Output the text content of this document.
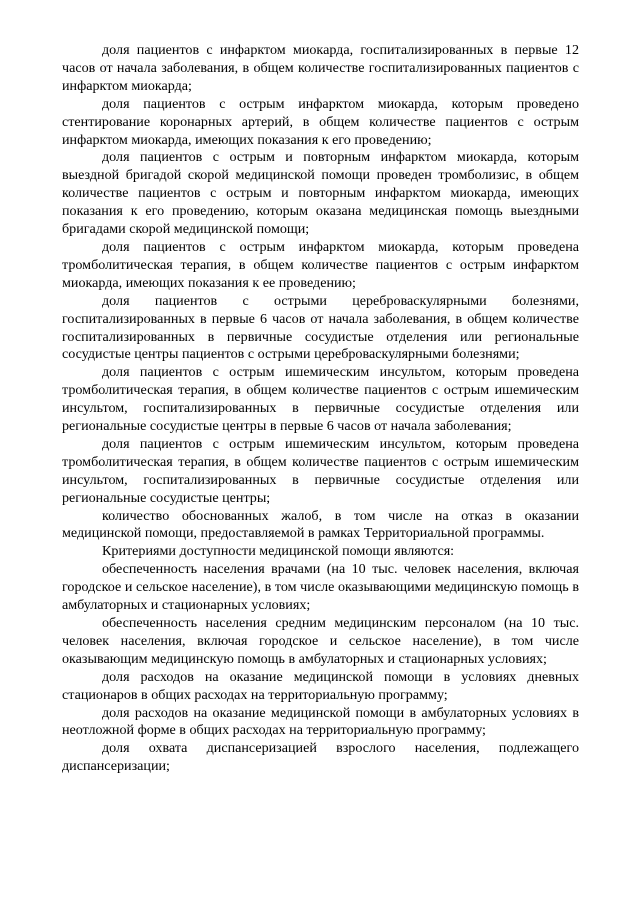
доля пациентов с инфарктом миокарда, госпитализированных в первые 12 часов от начала заболевания, в общем количестве госпитализированных пациентов с инфарктом миокарда;

доля пациентов с острым инфарктом миокарда, которым проведено стентирование коронарных артерий, в общем количестве пациентов с острым инфарктом миокарда, имеющих показания к его проведению;

доля пациентов с острым и повторным инфарктом миокарда, которым выездной бригадой скорой медицинской помощи проведен тромболизис, в общем количестве пациентов с острым и повторным инфарктом миокарда, имеющих показания к его проведению, которым оказана медицинская помощь выездными бригадами скорой медицинской помощи;

доля пациентов с острым инфарктом миокарда, которым проведена тромболитическая терапия, в общем количестве пациентов с острым инфарктом миокарда, имеющих показания к ее проведению;

доля пациентов с острыми цереброваскулярными болезнями, госпитализированных в первые 6 часов от начала заболевания, в общем количестве госпитализированных в первичные сосудистые отделения или региональные сосудистые центры пациентов с острыми цереброваскулярными болезнями;

доля пациентов с острым ишемическим инсультом, которым проведена тромболитическая терапия, в общем количестве пациентов с острым ишемическим инсультом, госпитализированных в первичные сосудистые отделения или региональные сосудистые центры в первые 6 часов от начала заболевания;

доля пациентов с острым ишемическим инсультом, которым проведена тромболитическая терапия, в общем количестве пациентов с острым ишемическим инсультом, госпитализированных в первичные сосудистые отделения или региональные сосудистые центры;

количество обоснованных жалоб, в том числе на отказ в оказании медицинской помощи, предоставляемой в рамках Территориальной программы.

Критериями доступности медицинской помощи являются:

обеспеченность населения врачами (на 10 тыс. человек населения, включая городское и сельское население), в том числе оказывающими медицинскую помощь в амбулаторных и стационарных условиях;

обеспеченность населения средним медицинским персоналом (на 10 тыс. человек населения, включая городское и сельское население), в том числе оказывающим медицинскую помощь в амбулаторных и стационарных условиях;

доля расходов на оказание медицинской помощи в условиях дневных стационаров в общих расходах на территориальную программу;

доля расходов на оказание медицинской помощи в амбулаторных условиях в неотложной форме в общих расходах на территориальную программу;

доля охвата диспансеризацией взрослого населения, подлежащего диспансеризации;
